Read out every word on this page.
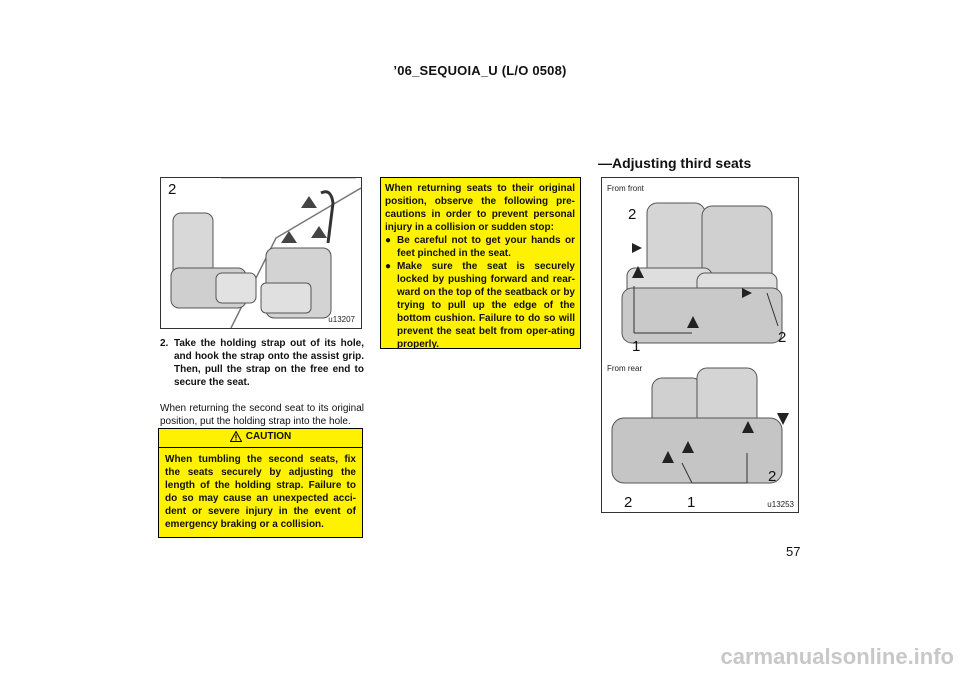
’06_SEQUOIA_U (L/O 0508)
2
u13207
2. Take the holding strap out of its hole, and hook the strap onto the assist grip. Then, pull the strap on the free end to secure the seat.
When returning the second seat to its original position, put the holding strap into the hole.
CAUTION
When tumbling the second seats, fix the seats securely by adjusting the length of the holding strap. Failure to do so may cause an unexpected acci-dent or severe injury in the event of emergency braking or a collision.
When returning seats to their original position, observe the following pre-cautions in order to prevent personal injury in a collision or sudden stop:
● Be careful not to get your hands or feet pinched in the seat.
● Make sure the seat is securely locked by pushing forward and rear-ward on the top of the seatback or by trying to pull up the edge of the bottom cushion. Failure to do so will prevent the seat belt from oper-ating properly.
—Adjusting third seats
From front
From rear
2
1
2
2	1
2
u13253
57
carmanualsonline.info
